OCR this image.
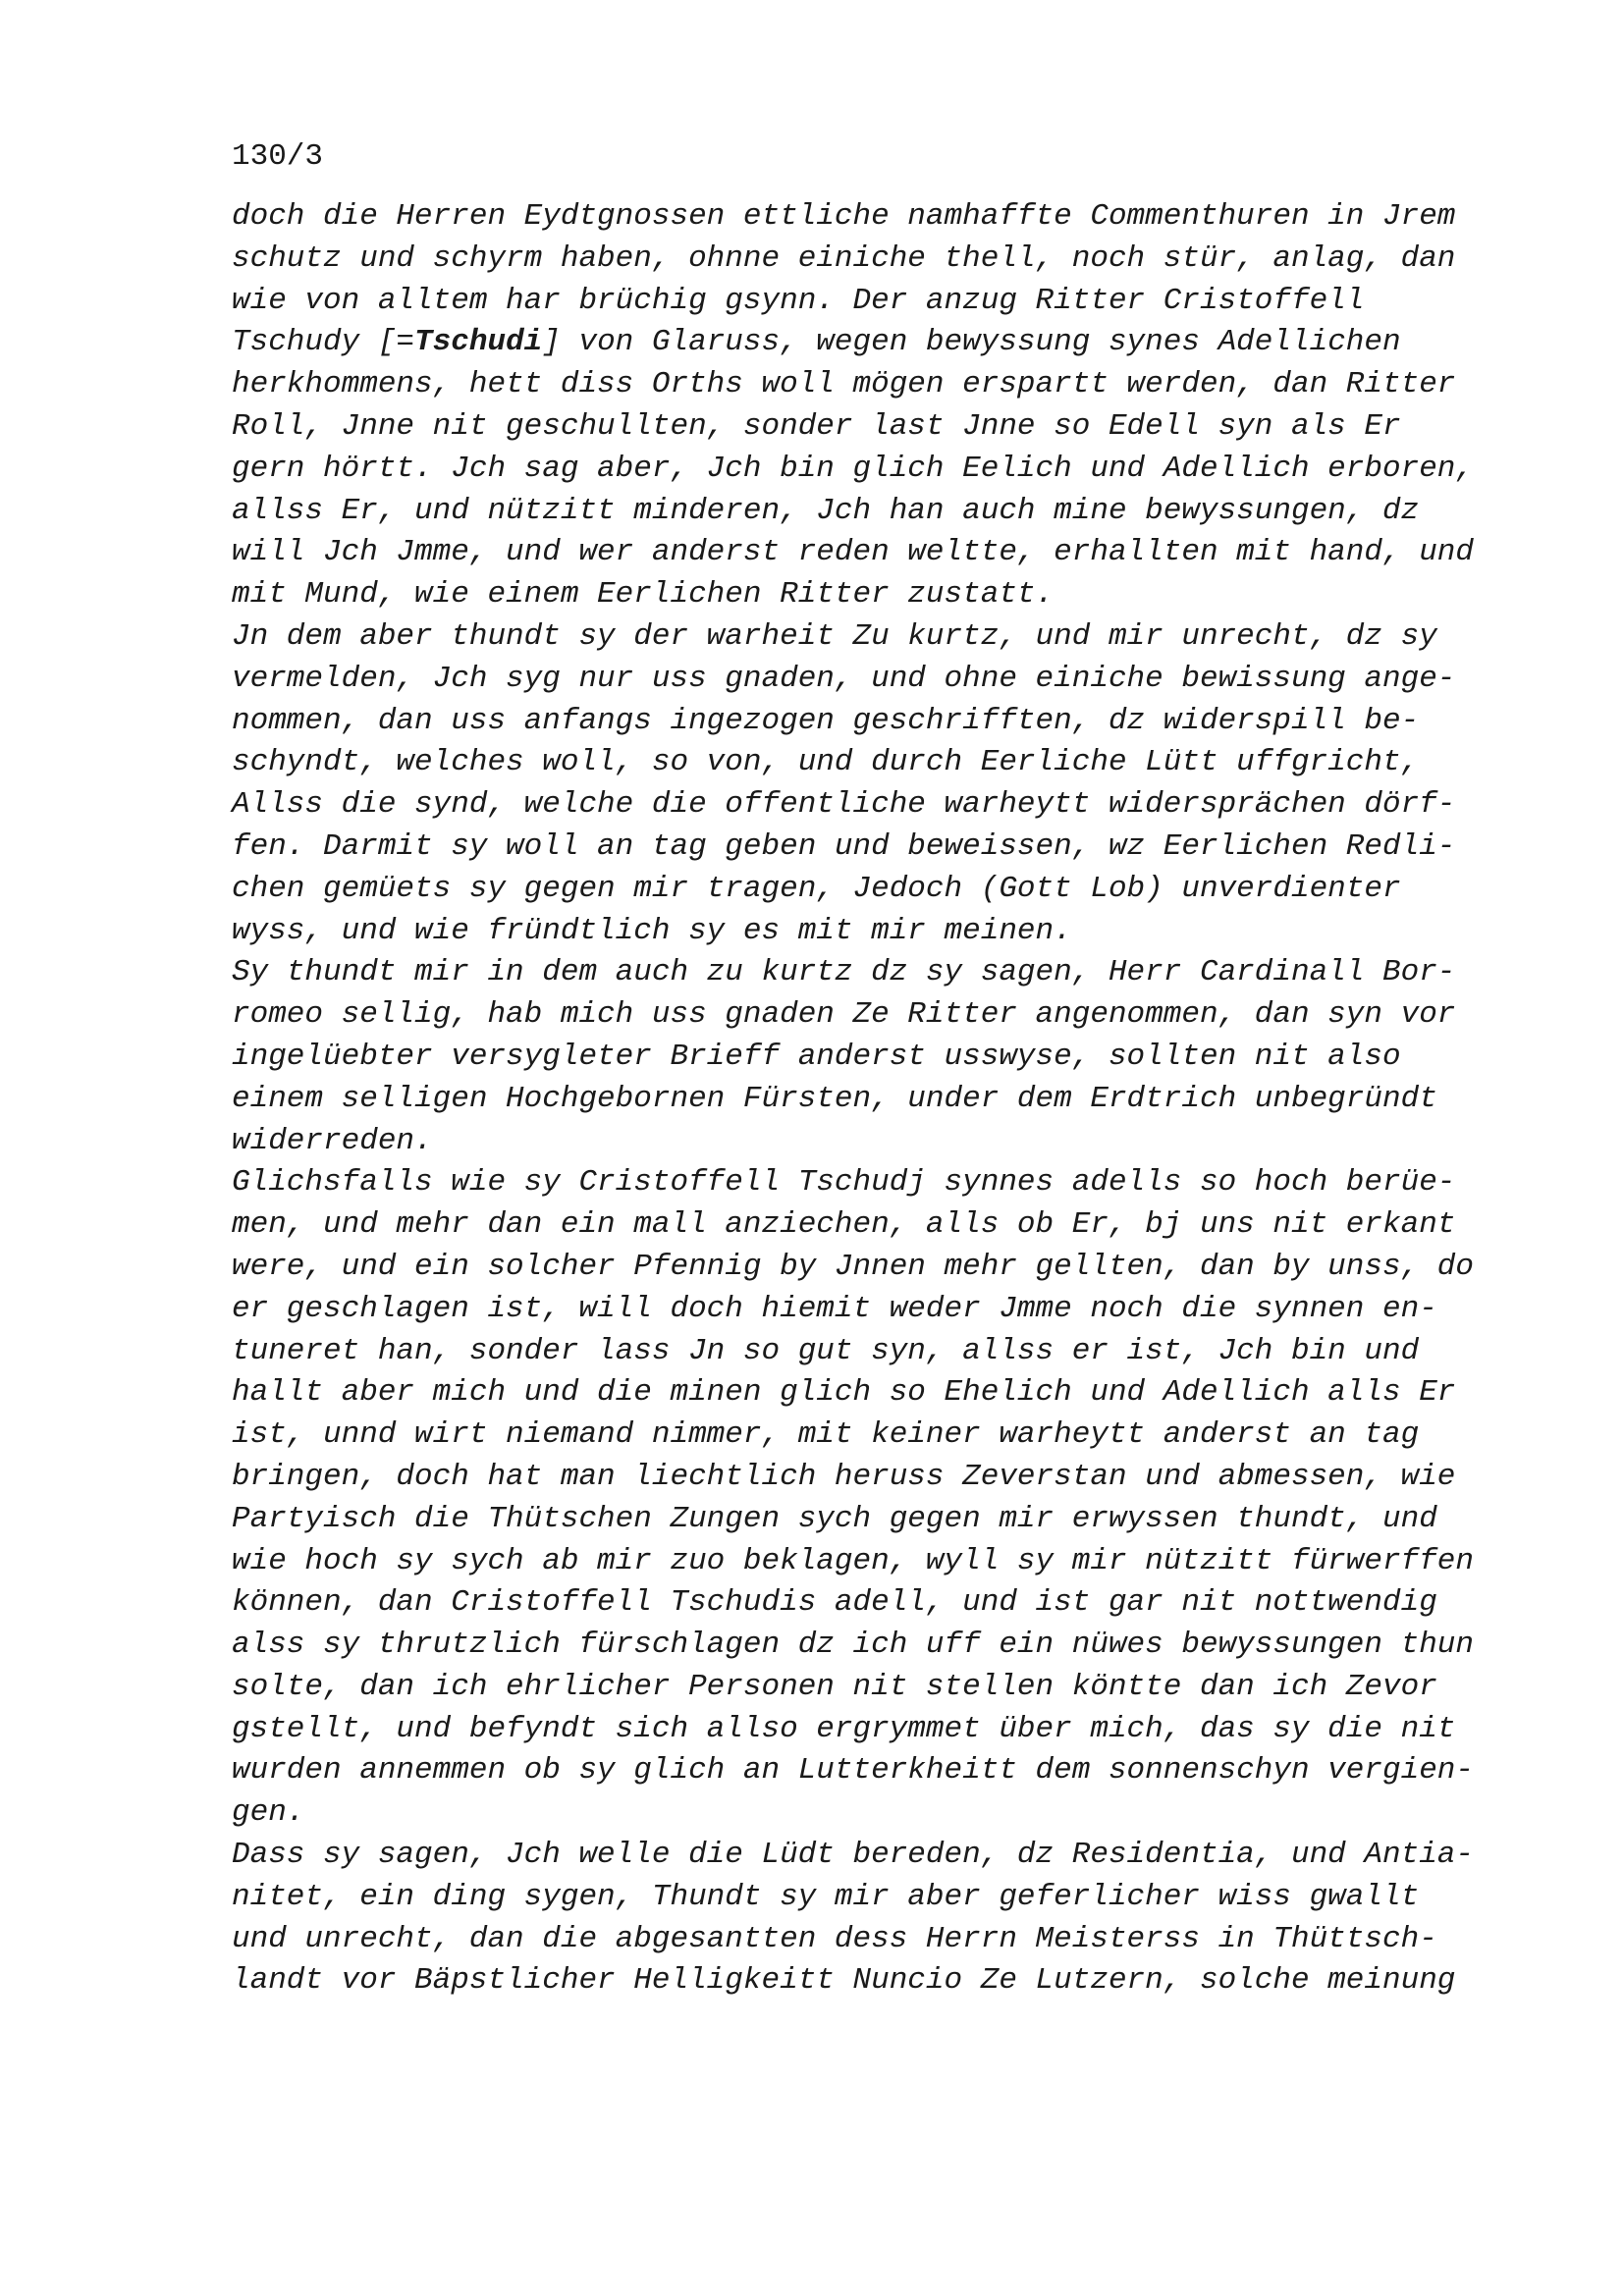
130/3
doch die Herren Eydtgnossen ettliche namhaffte Commenthuren in Jrem
schutz und schyrm haben, ohnne einiche thell, noch stür, anlag, dan
wie von alltem har brüchig gsynn. Der anzug Ritter Cristoffell
Tschudy [=Tschudi] von Glaruss, wegen bewyssung synes Adellichen
herkhommens, hett diss Orths woll mögen erspartt werden, dan Ritter
Roll, Jnne nit geschullten, sonder last Jnne so Edell syn als Er
gern hörtt. Jch sag aber, Jch bin glich Eelich und Adellich erboren,
allss Er, und nützitt minderen, Jch han auch mine bewyssungen, dz
will Jch Jmme, und wer anderst reden weltte, erhallten mit hand, und
mit Mund, wie einem Eerlichen Ritter zustatt.
Jn dem aber thundt sy der warheit Zu kurtz, und mir unrecht, dz sy
vermelden, Jch syg nur uss gnaden, und ohne einiche bewissung ange-
nommen, dan uss anfangs ingezogen geschrifften, dz widerspill be-
schyndt, welches woll, so von, und durch Eerliche Lütt uffgricht,
Allss die synd, welche die offentliche warheytt widersprächen dörf-
fen. Darmit sy woll an tag geben und beweissen, wz Eerlichen Redli-
chen gemüets sy gegen mir tragen, Jedoch (Gott Lob) unverdienter
wyss, und wie fründtlich sy es mit mir meinen.
Sy thundt mir in dem auch zu kurtz dz sy sagen, Herr Cardinall Bor-
romeo sellig, hab mich uss gnaden Ze Ritter angenommen, dan syn vor
ingelüebter versygleter Brieff anderst usswyse, sollten nit also
einem selligen Hochgebornen Fürsten, under dem Erdtrich unbegründt
widerreden.
Glichsfalls wie sy Cristoffell Tschudj synnes adells so hoch berüe-
men, und mehr dan ein mall anziechen, alls ob Er, bj uns nit erkant
were, und ein solcher Pfennig by Jnnen mehr gellten, dan by unss, do
er geschlagen ist, will doch hiemit weder Jmme noch die synnen en-
tuneret han, sonder lass Jn so gut syn, allss er ist, Jch bin und
hallt aber mich und die minen glich so Ehelich und Adellich alls Er
ist, unnd wirt niemand nimmer, mit keiner warheytt anderst an tag
bringen, doch hat man liechtlich heruss Zeverstan und abmessen, wie
Partyisch die Thütschen Zungen sych gegen mir erwyssen thundt, und
wie hoch sy sych ab mir zuo beklagen, wyll sy mir nützitt fürwerffen
können, dan Cristoffell Tschudis adell, und ist gar nit nottwendig
alss sy thrutzlich fürschlagen dz ich uff ein nüwes bewyssungen thun
solte, dan ich ehrlicher Personen nit stellen köntte dan ich Zevor
gstellt, und befyndt sich allso ergrymmet über mich, das sy die nit
wurden annemmen ob sy glich an Lutterkheitt dem sonnenschyn vergien-
gen.
Dass sy sagen, Jch welle die Lüdt bereden, dz Residentia, und Antia-
nitet, ein ding sygen, Thundt sy mir aber geferlicher wiss gwallt
und unrecht, dan die abgesantten dess Herrn Meisterss in Thüttsch-
landt vor Bäpstlicher Helligkeitt Nuncio Ze Lutzern, solche meinung
